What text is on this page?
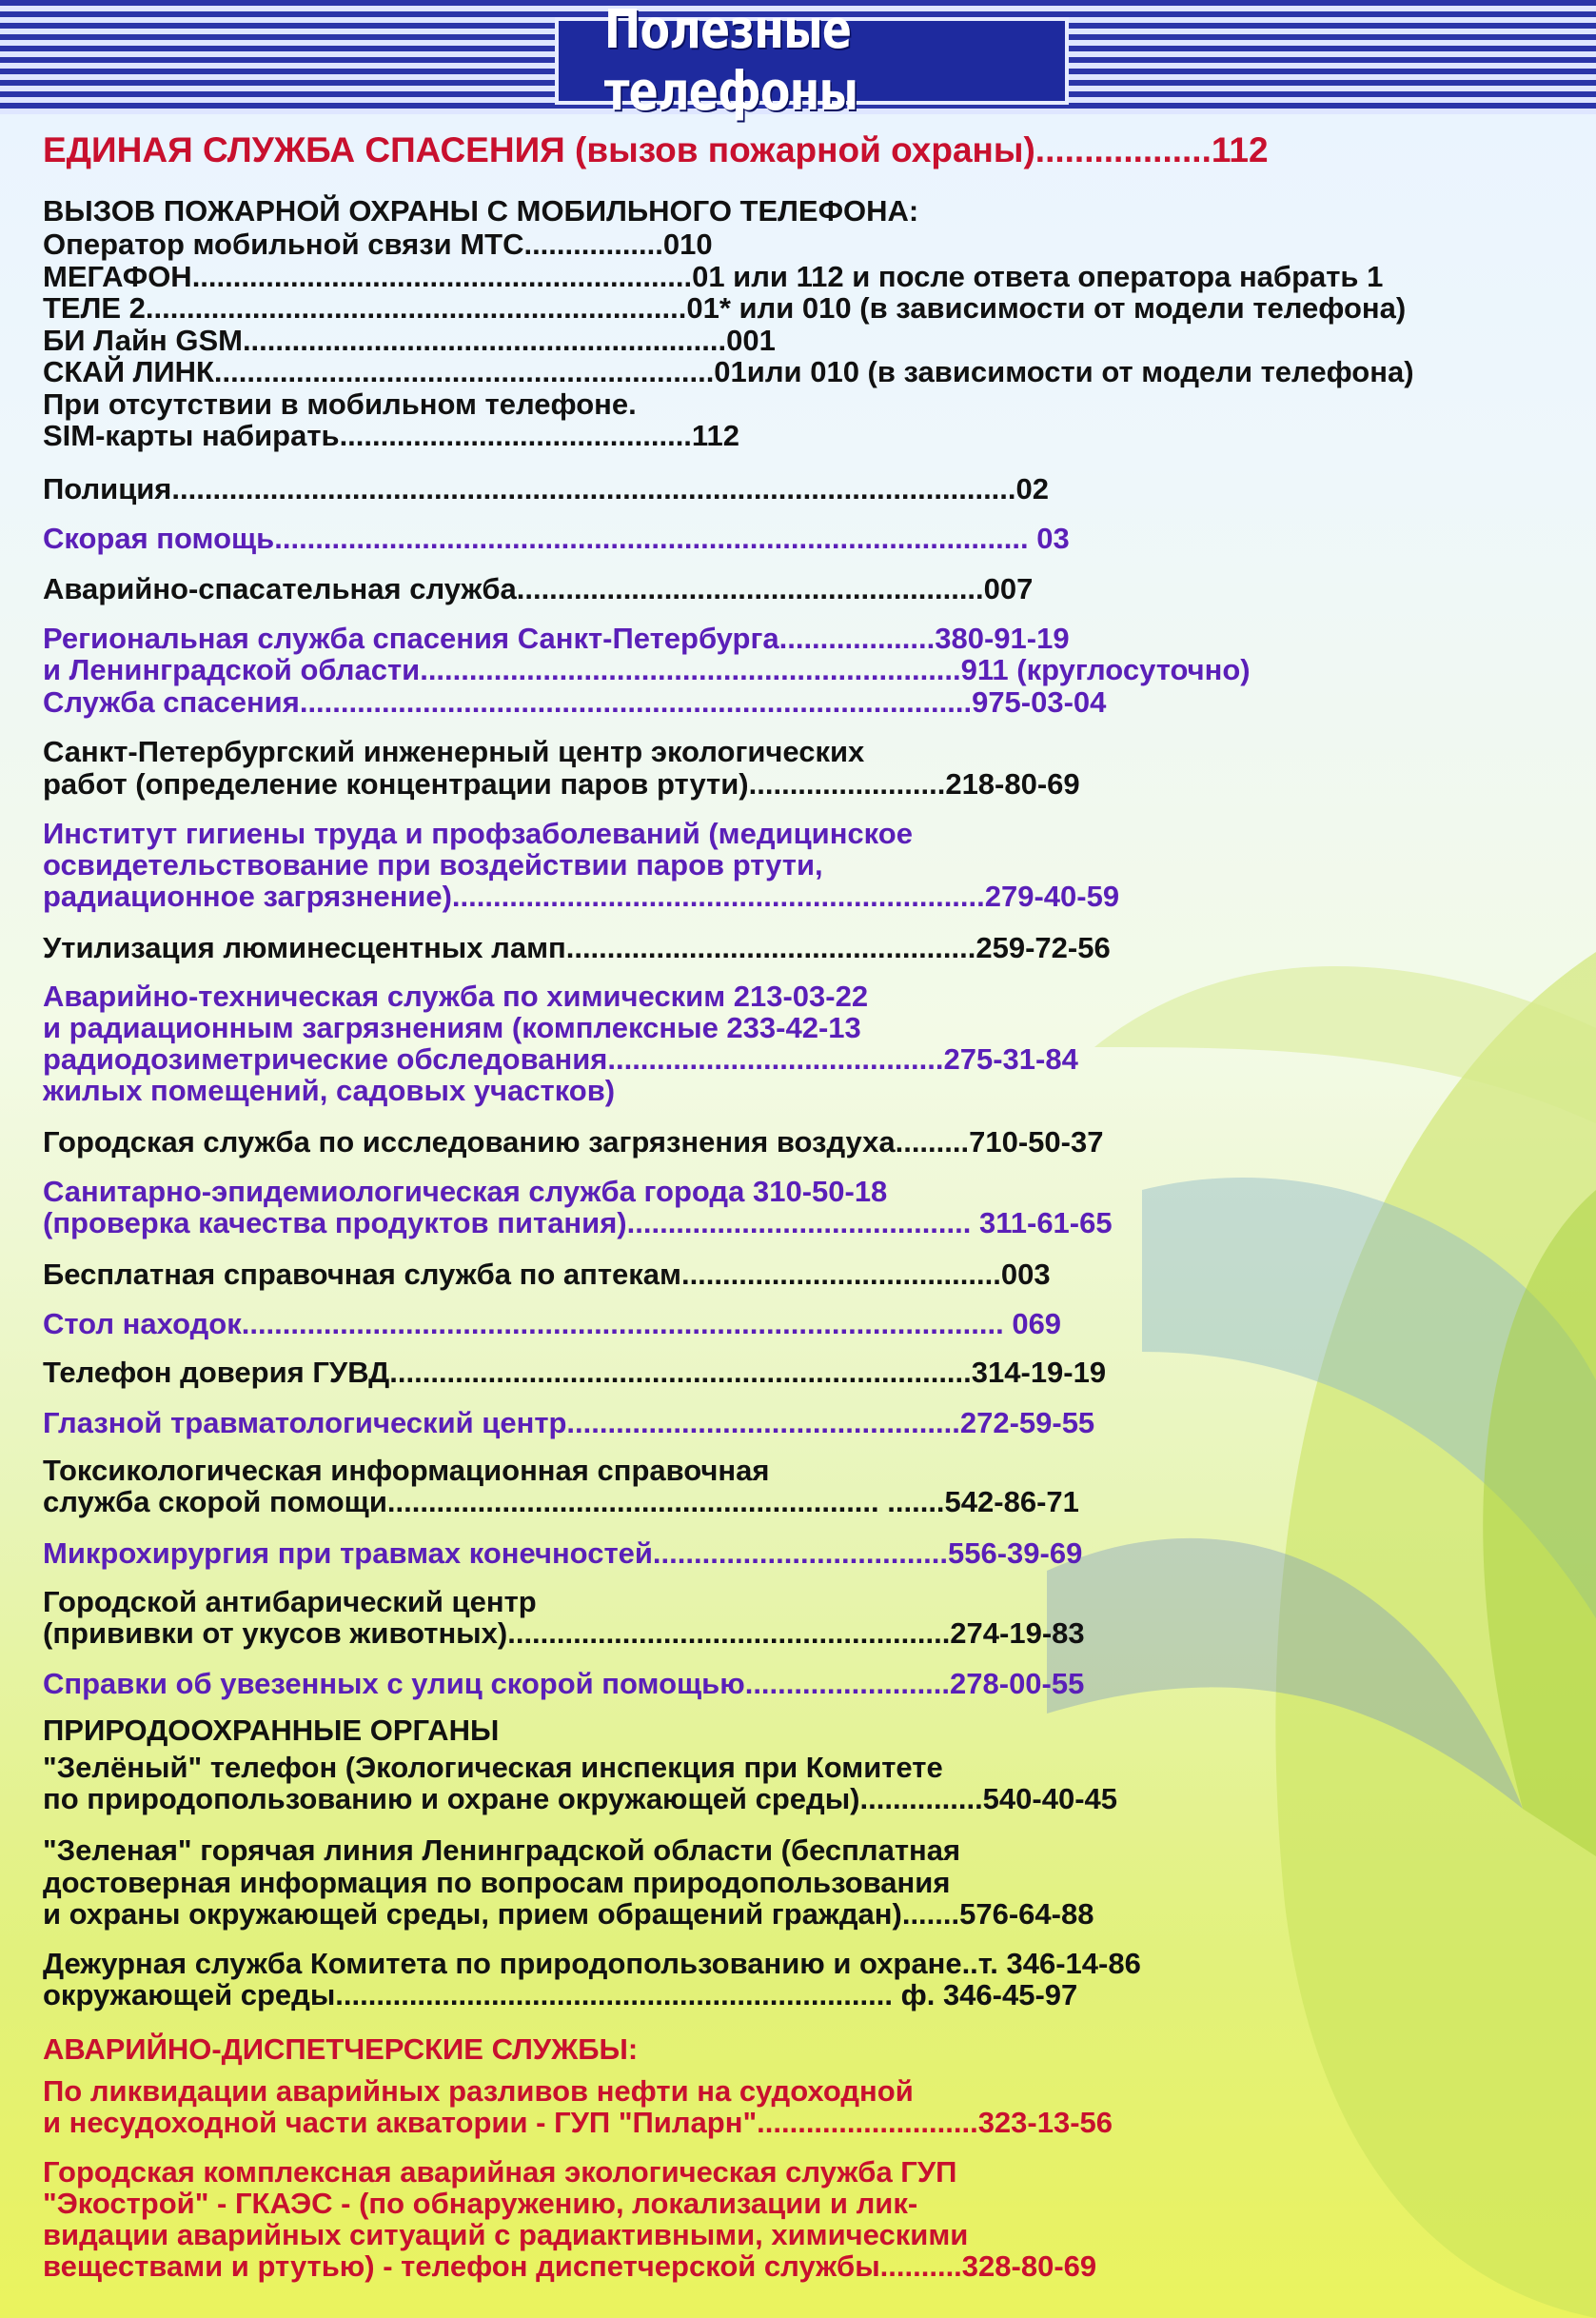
Полезные телефоны
ЕДИНАЯ СЛУЖБА СПАСЕНИЯ (вызов пожарной охраны)..................112
ВЫЗОВ ПОЖАРНОЙ ОХРАНЫ С МОБИЛЬНОГО ТЕЛЕФОНА:
Оператор мобильной связи МТС.................010
МЕГАФОН.............................................................01 или 112 и после ответа оператора набрать 1
ТЕЛЕ 2..................................................................01* или 010 (в зависимости от модели телефона)
БИ Лайн GSM...........................................................001
СКАЙ ЛИНК.............................................................01или 010 (в зависимости от модели телефона)
При отсутствии в мобильном телефоне.
SIM-карты набирать...........................................112
Полиция.......................................................................................................02
Скорая помощь............................................................................................ 03
Аварийно-спасательная служба.........................................................007
Региональная служба спасения Санкт-Петербурга...................380-91-19
и Ленинградской области..................................................................911 (круглосуточно)
Служба спасения..................................................................................975-03-04
Санкт-Петербургский инженерный центр экологических
работ (определение концентрации паров ртути)........................218-80-69
Институт гигиены труда и профзаболеваний (медицинское
освидетельствование при воздействии паров ртути,
радиационное загрязнение).................................................................279-40-59
Утилизация люминесцентных ламп..................................................259-72-56
Аварийно-техническая служба по химическим 213-03-22
и радиационным загрязнениям (комплексные 233-42-13
радиодозиметрические обследования.........................................275-31-84
жилых помещений, садовых участков)
Городская служба по исследованию загрязнения воздуха.........710-50-37
Санитарно-эпидемиологическая служба города 310-50-18
(проверка качества продуктов питания).......................................... 311-61-65
Бесплатная справочная служба по аптекам.......................................003
Стол находок............................................................................................. 069
Телефон доверия ГУВД.......................................................................314-19-19
Глазной травматологический центр................................................272-59-55
Токсикологическая информационная справочная
служба скорой помощи............................................................ .......542-86-71
Микрохирургия при травмах конечностей....................................556-39-69
Городской антибарический центр
(прививки от укусов животных)......................................................274-19-83
Справки об увезенных с улиц скорой помощью.........................278-00-55
ПРИРОДООХРАННЫЕ ОРГАНЫ
"Зелёный" телефон (Экологическая инспекция при Комитете
по природопользованию и охране окружающей среды)...............540-40-45
"Зеленая" горячая линия Ленинградской области (бесплатная
достоверная информация по вопросам природопользования
и охраны окружающей среды, прием обращений граждан).......576-64-88
Дежурная служба Комитета по природопользованию и охране..т. 346-14-86
окружающей среды.................................................................... ф. 346-45-97
АВАРИЙНО-ДИСПЕТЧЕРСКИЕ СЛУЖБЫ:
По ликвидации аварийных разливов нефти на судоходной
и несудоходной части акватории - ГУП "Пиларн"...........................323-13-56
Городская комплексная аварийная экологическая служба ГУП
"Экострой" - ГКАЭС - (по обнаружению, локализации и лик-
видации аварийных ситуаций с радиактивными, химическими
веществами и ртутью) - телефон диспетчерской службы..........328-80-69
